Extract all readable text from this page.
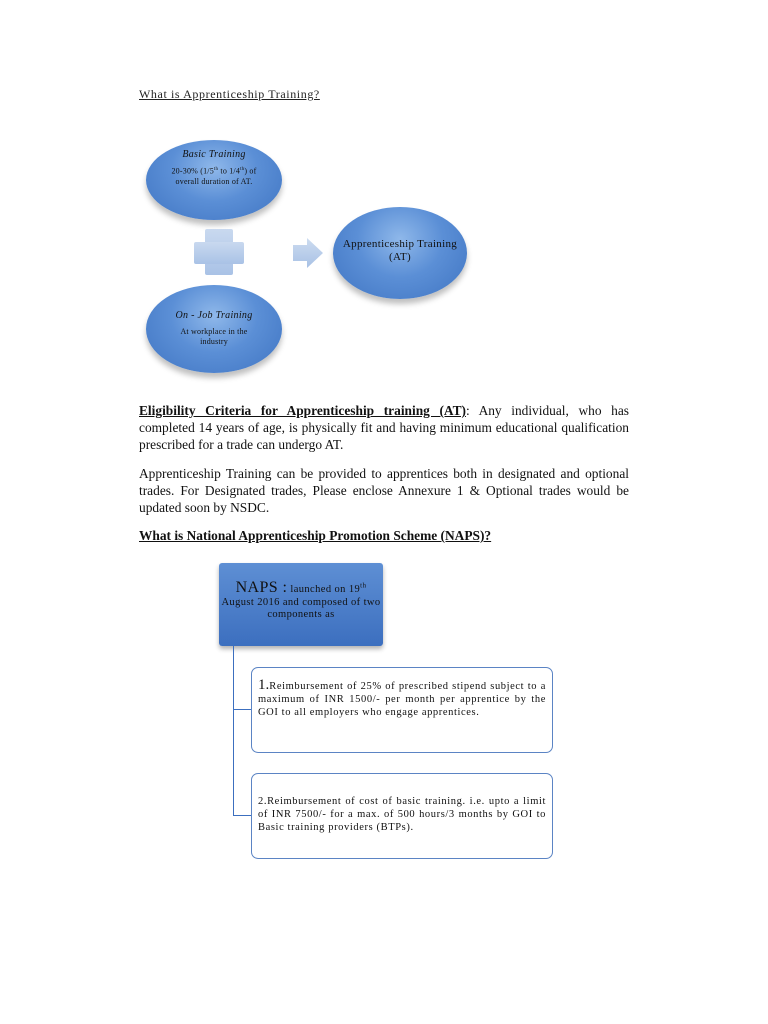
What is Apprenticeship Training?
Basic Training
20-30% (1/5th to 1/4th) of overall duration of AT.
On - Job Training
At workplace in the industry
Apprenticeship Training (AT)
Eligibility Criteria for Apprenticeship training (AT): Any individual, who has completed 14 years of age, is physically fit and having minimum educational qualification prescribed for a trade can undergo AT.
Apprenticeship Training can be provided to apprentices both in designated and optional trades. For Designated trades, Please enclose Annexure 1 & Optional trades would be updated soon by NSDC.
What is National Apprenticeship Promotion Scheme (NAPS)?
NAPS : launched on 19th
August 2016 and composed of two components as
1.Reimbursement of 25% of prescribed stipend subject to a maximum of INR 1500/- per month per apprentice by the GOI to all employers who engage apprentices.
2.Reimbursement of cost of basic training. i.e. upto a limit of INR 7500/- for a max. of 500 hours/3 months by GOI to Basic training providers (BTPs).
